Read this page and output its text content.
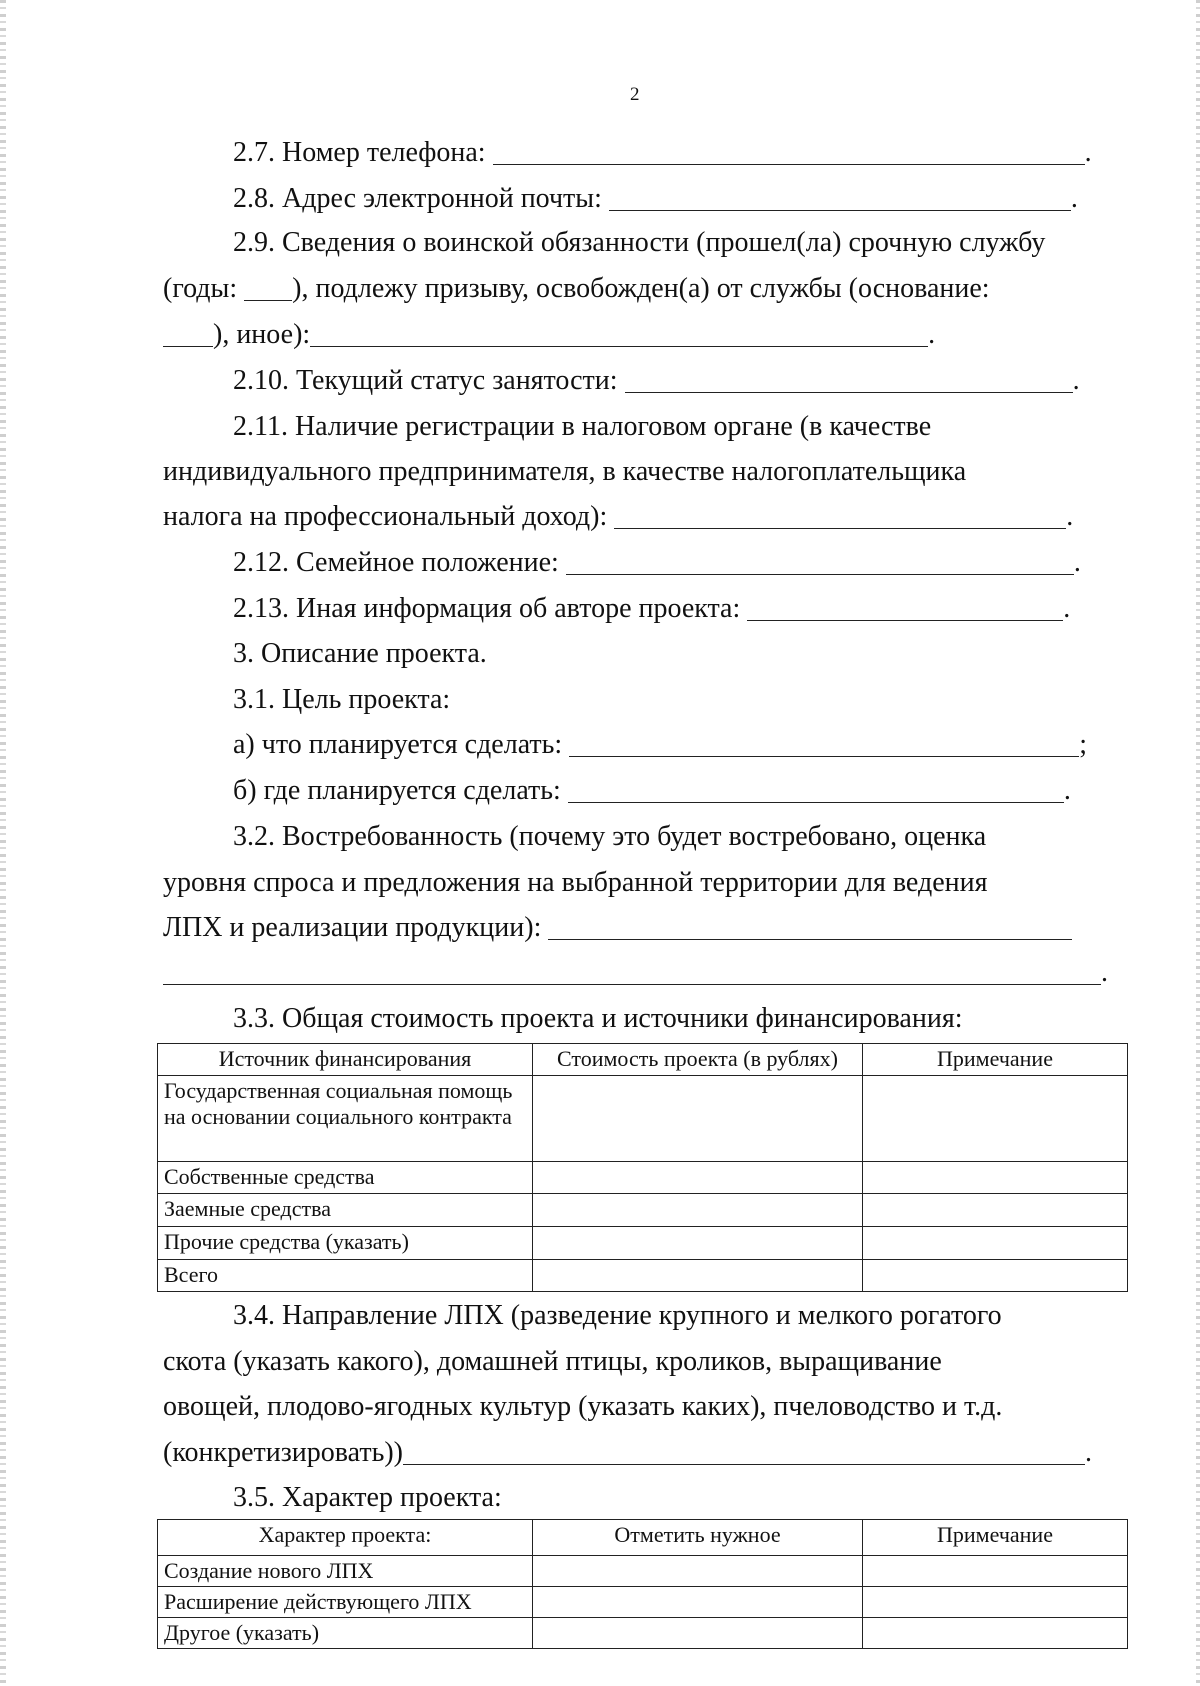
2
2.7. Номер телефона:	.
2.8. Адрес электронной почты:	.
2.9. Сведения о воинской обязанности (прошел(ла) срочную службу
(годы: ), подлежу призыву, освобожден(а) от службы (основание:
), иное):	.
2.10. Текущий статус занятости:	.
2.11. Наличие регистрации в налоговом органе (в качестве
индивидуального предпринимателя, в качестве налогоплательщика
налога на профессиональный доход):	.
2.12. Семейное положение:	.
2.13. Иная информация об авторе проекта:	.
3. Описание проекта.
3.1. Цель проекта:
а) что планируется сделать:	;
б) где планируется сделать:	.
3.2. Востребованность (почему это будет востребовано, оценка
уровня спроса и предложения на выбранной территории для ведения
ЛПХ и реализации продукции):
.
3.3. Общая стоимость проекта и источники финансирования:
Источник финансирования	Стоимость проекта (в рублях)	Примечание
Государственная социальная помощь на основании социального контракта		
Собственные средства		
Заемные средства		
Прочие средства (указать)		
Всего		
3.4. Направление ЛПХ (разведение крупного и мелкого рогатого
скота (указать какого), домашней птицы, кроликов, выращивание
овощей, плодово-ягодных культур (указать каких), пчеловодство и т.д.
(конкретизировать))	.
3.5. Характер проекта:
Характер проекта:	Отметить нужное	Примечание
Создание нового ЛПХ		
Расширение действующего ЛПХ		
Другое (указать)		
